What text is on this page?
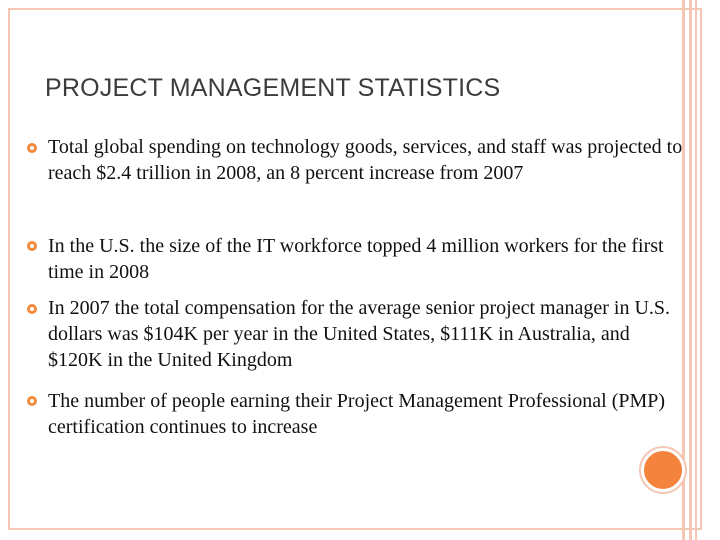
PROJECT MANAGEMENT STATISTICS
Total global spending on technology goods, services, and staff was projected to reach $2.4 trillion in 2008, an 8 percent increase from 2007
In the U.S. the size of the IT workforce topped 4 million workers for the first time in 2008
In 2007 the total compensation for the average senior project manager in U.S. dollars was $104K per year in the United States, $111K in Australia, and $120K in the United Kingdom
The number of people earning their Project Management Professional (PMP) certification continues to increase
